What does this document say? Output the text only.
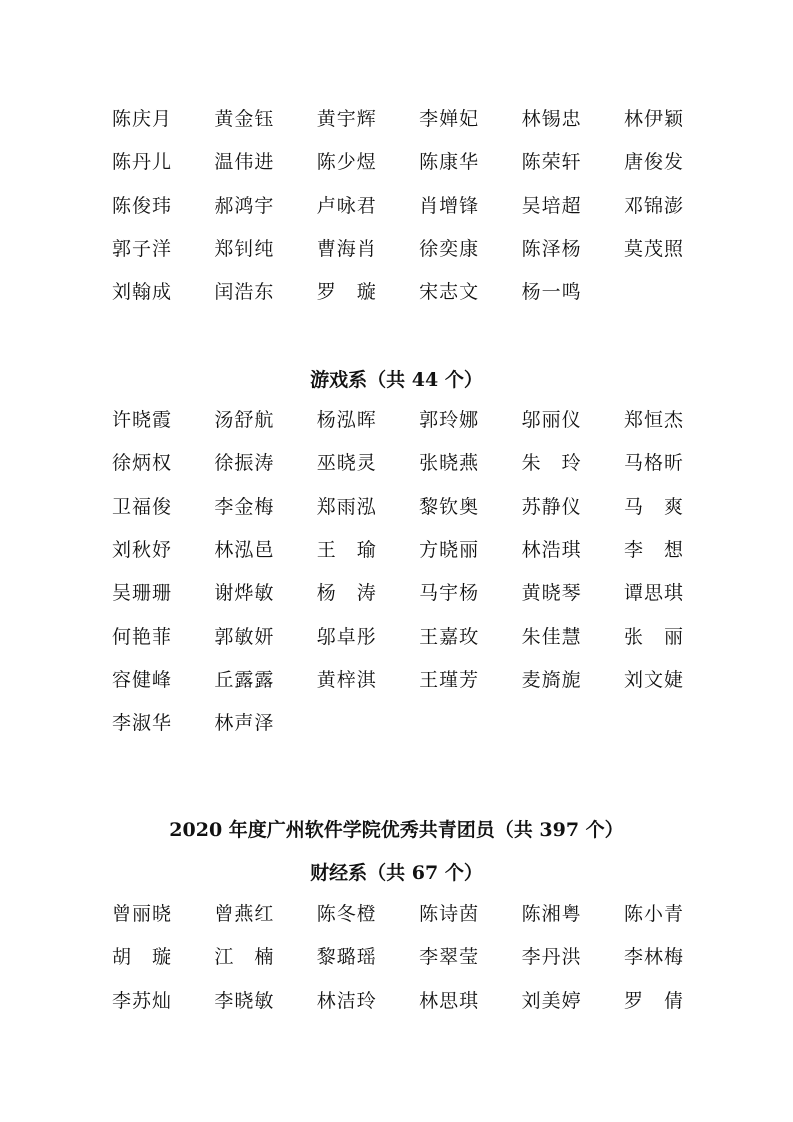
陈庆月	黄金钰	黄宇辉	李婵妃	林锡忠	林伊颖
陈丹儿	温伟进	陈少煜	陈康华	陈荣轩	唐俊发
陈俊玮	郝鸿宇	卢咏君	肖增锋	吴培超	邓锦澎
郭子洋	郑钊纯	曹海肖	徐奕康	陈泽杨	莫茂照
刘翰成	闰浩东	罗　璇	宋志文	杨一鸣
游戏系（共 44 个）
许晓霞	汤舒航	杨泓晖	郭玲娜	邬丽仪	郑恒杰
徐炳权	徐振涛	巫晓灵	张晓燕	朱　玲	马格昕
卫福俊	李金梅	郑雨泓	黎钦奥	苏静仪	马　爽
刘秋妤	林泓邑	王　瑜	方晓丽	林浩琪	李　想
吴珊珊	谢烨敏	杨　涛	马宇杨	黄晓琴	谭思琪
何艳菲	郭敏妍	邬卓彤	王嘉玫	朱佳慧	张　丽
容健峰	丘露露	黄梓淇	王瑾芳	麦旖旎	刘文婕
李淑华	林声泽
2020 年度广州软件学院优秀共青团员（共 397 个）
财经系（共 67 个）
曾丽晓	曾燕红	陈冬橙	陈诗茵	陈湘粤	陈小青
胡　璇	江　楠	黎璐瑶	李翠莹	李丹洪	李林梅
李苏灿	李晓敏	林洁玲	林思琪	刘美婷	罗　倩
